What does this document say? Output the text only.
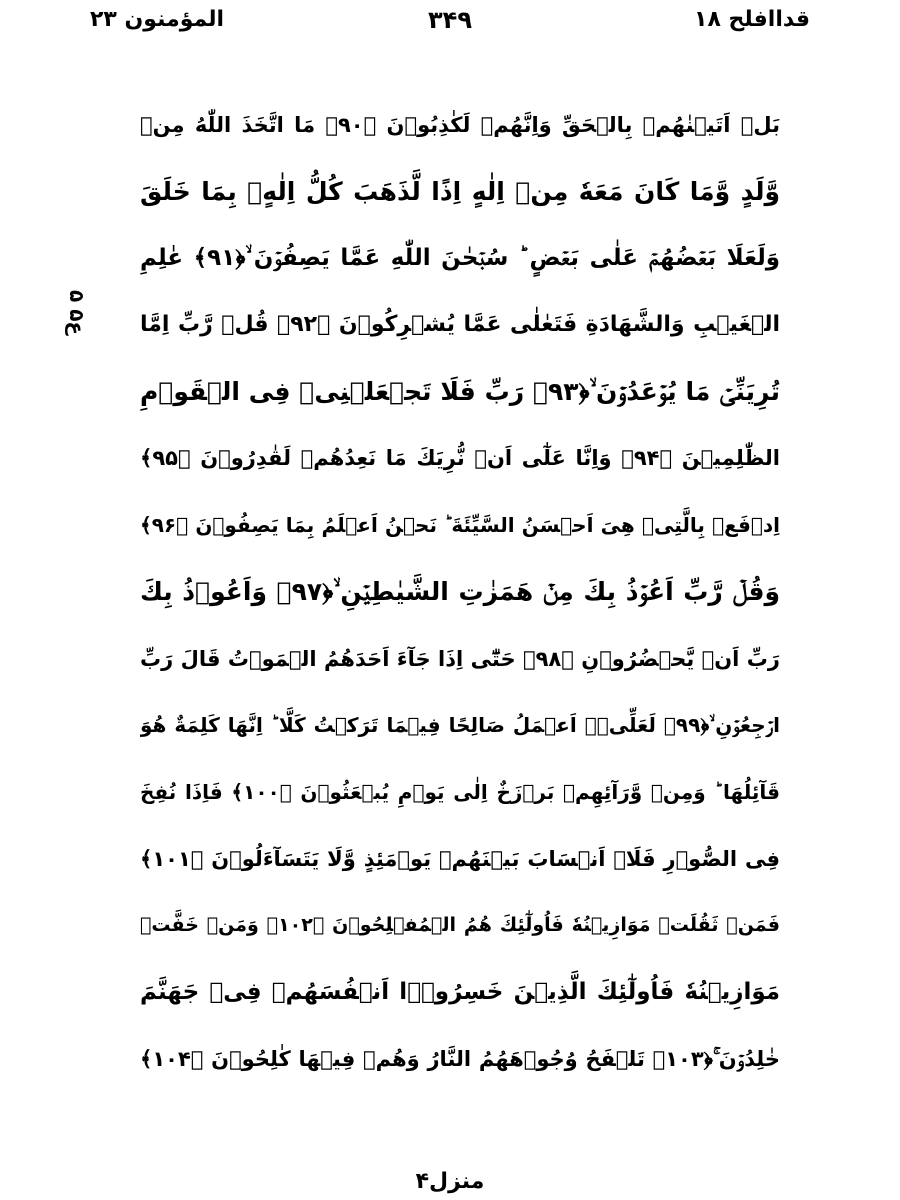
قداافلح ۱۸
۳۴۹
المؤمنون ۲۳
ع۵ ۵
بَلۡ اَتَيۡنٰهُمۡ بِالۡحَقِّ وَاِنَّهُمۡ لَكٰذِبُوۡنَ ﴿۹۰﴾ مَا اتَّخَذَ اللّٰهُ مِنۡ
وَّلَدٍ وَّمَا كَانَ مَعَهٗ مِنۡ اِلٰهٍ اِذًا لَّذَهَبَ كُلُّ اِلٰهٍۢ بِمَا خَلَقَ
وَلَعَلَا بَعۡضُهُمۡ عَلٰى بَعۡضٍ ؕ سُبۡحٰنَ اللّٰهِ عَمَّا يَصِفُوۡنَ ۙ﴿۹۱﴾ عٰلِمِ
الۡغَيۡبِ وَالشَّهَادَةِ فَتَعٰلٰى عَمَّا يُشۡرِكُوۡنَ ﴿۹۲﴾ قُلۡ رَّبِّ اِمَّا
تُرِيَنِّىۡ مَا يُوۡعَدُوۡنَ ۙ﴿۹۳﴾ رَبِّ فَلَا تَجۡعَلۡنِىۡ فِى الۡقَوۡمِ
الظّٰلِمِيۡنَ ﴿۹۴﴾ وَاِنَّا عَلٰٓى اَنۡ نُّرِيَكَ مَا نَعِدُهُمۡ لَقٰدِرُوۡنَ ﴿۹۵﴾
اِدۡفَعۡ بِالَّتِىۡ هِىَ اَحۡسَنُ السَّيِّئَةَ ؕ نَحۡنُ اَعۡلَمُ بِمَا يَصِفُوۡنَ ﴿۹۶﴾
وَقُلۡ رَّبِّ اَعُوۡذُ بِكَ مِنۡ هَمَزٰتِ الشَّيٰطِيۡنِ ۙ﴿۹۷﴾ وَاَعُوۡذُ بِكَ
رَبِّ اَنۡ يَّحۡضُرُوۡنِ ﴿۹۸﴾ حَتّٰٓى اِذَا جَآءَ اَحَدَهُمُ الۡمَوۡتُ قَالَ رَبِّ
ارۡجِعُوۡنِ ۙ﴿۹۹﴾ لَعَلِّىۡۤ اَعۡمَلُ صَالِحًا فِيۡمَا تَرَكۡتُ كَلَّا ؕ اِنَّهَا كَلِمَةٌ هُوَ
قَآئِلُهَا ؕ وَمِنۡ وَّرَآئِهِمۡ بَرۡزَخٌ اِلٰى يَوۡمِ يُبۡعَثُوۡنَ ﴿۱۰۰﴾ فَاِذَا نُفِخَ
فِى الصُّوۡرِ فَلَاۤ اَنۡسَابَ بَيۡنَهُمۡ يَوۡمَئِذٍ وَّلَا يَتَسَآءَلُوۡنَ ﴿۱۰۱﴾
فَمَنۡ ثَقُلَتۡ مَوَازِيۡنُهٗ فَاُولٰٓئِكَ هُمُ الۡمُفۡلِحُوۡنَ ﴿۱۰۲﴾ وَمَنۡ خَفَّتۡ
مَوَازِيۡنُهٗ فَاُولٰٓئِكَ الَّذِيۡنَ خَسِرُوۡۤا اَنۡفُسَهُمۡ فِىۡ جَهَنَّمَ
خٰلِدُوۡنَ ۚ﴿۱۰۳﴾ تَلۡفَحُ وُجُوۡهَهُمُ النَّارُ وَهُمۡ فِيۡهَا كٰلِحُوۡنَ ﴿۱۰۴﴾
منزل۴
